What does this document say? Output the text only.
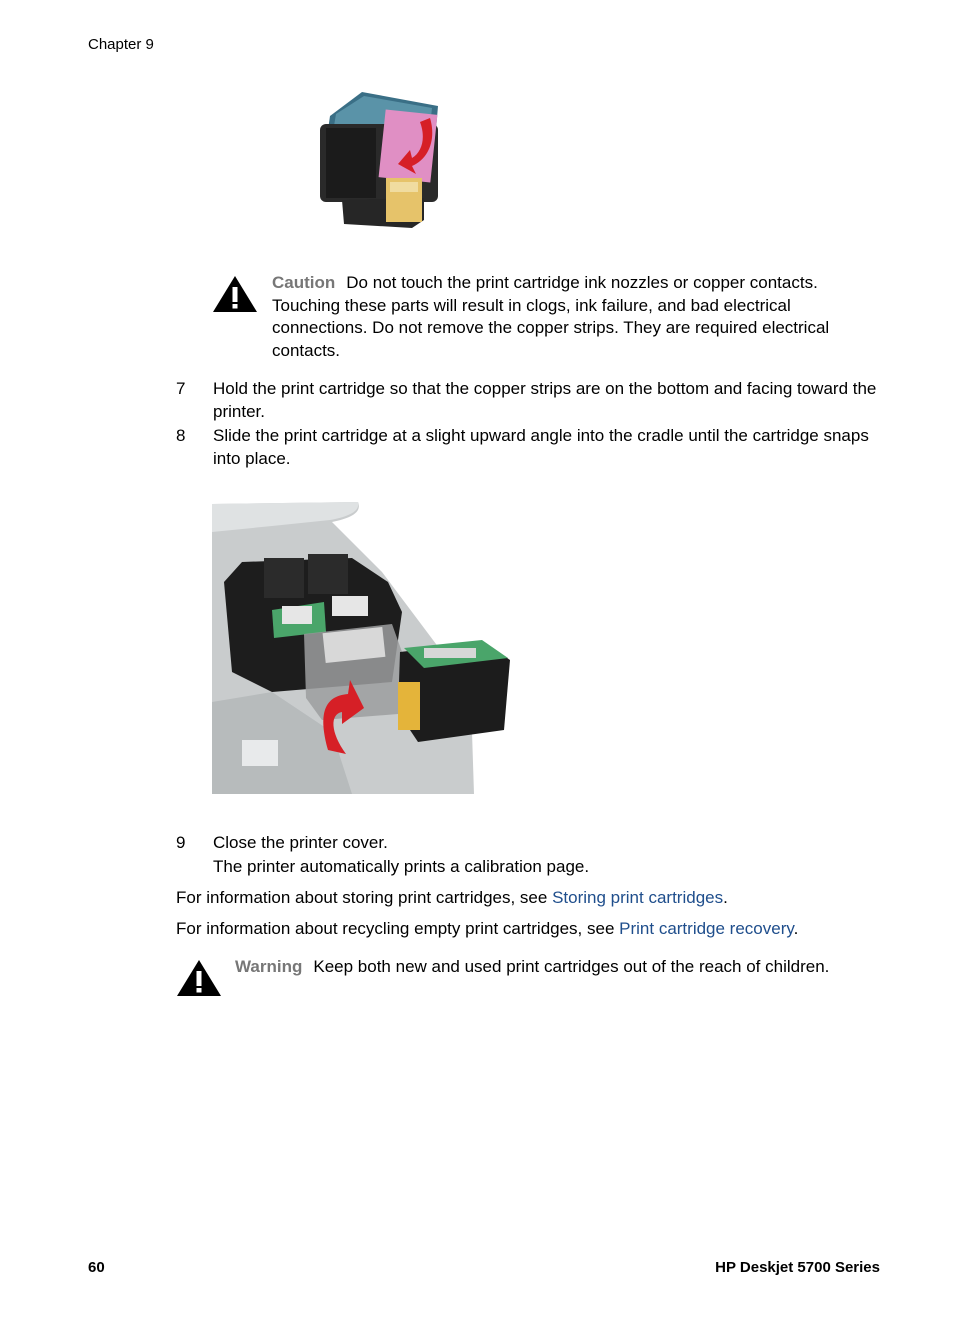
Chapter 9
Caution Do not touch the print cartridge ink nozzles or copper contacts. Touching these parts will result in clogs, ink failure, and bad electrical connections. Do not remove the copper strips. They are required electrical contacts.
7 Hold the print cartridge so that the copper strips are on the bottom and facing toward the printer.
8 Slide the print cartridge at a slight upward angle into the cradle until the cartridge snaps into place.
9 Close the printer cover.
The printer automatically prints a calibration page.
For information about storing print cartridges, see Storing print cartridges.
For information about recycling empty print cartridges, see Print cartridge recovery.
Warning Keep both new and used print cartridges out of the reach of children.
60	HP Deskjet 5700 Series
